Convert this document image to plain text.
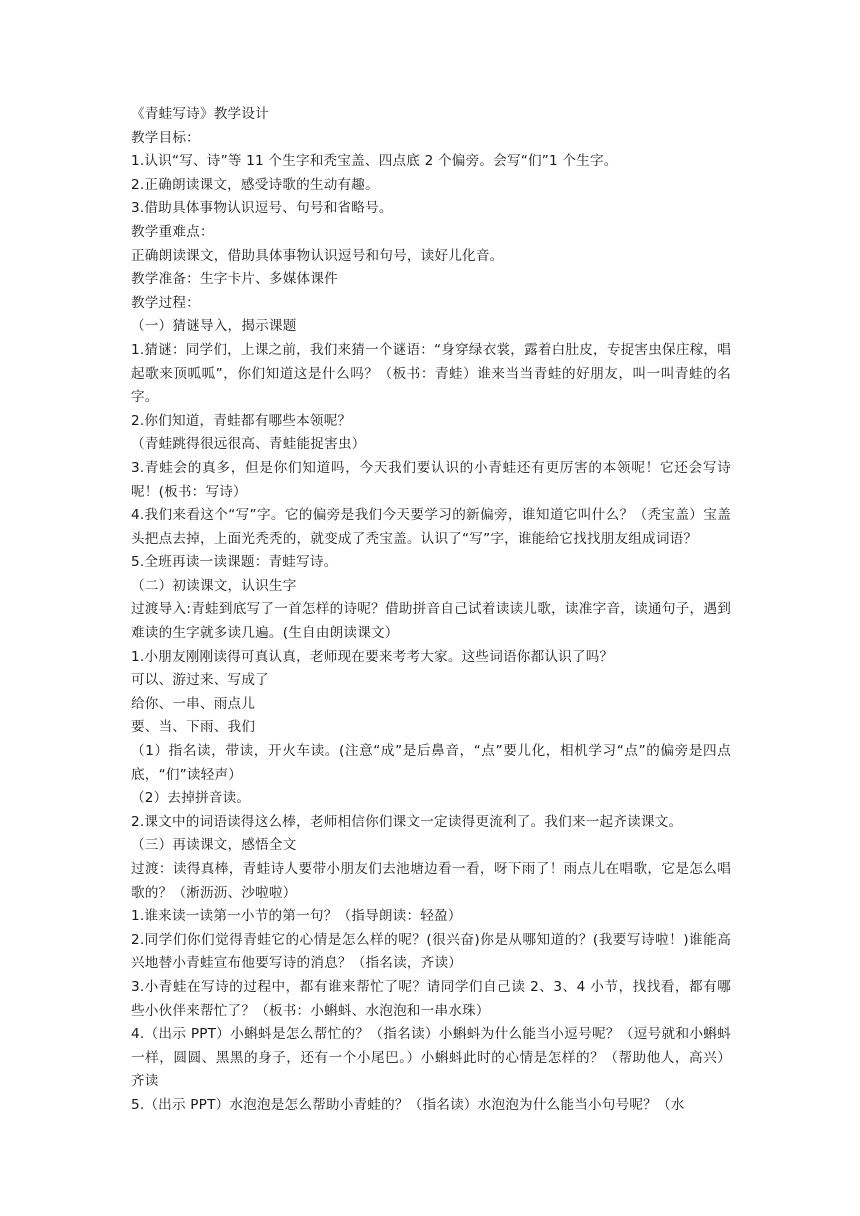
《青蛙写诗》教学设计

教学目标：

1.认识“写、诗”等 11 个生字和秃宝盖、四点底 2 个偏旁。会写“们”1 个生字。

2.正确朗读课文，感受诗歌的生动有趣。

3.借助具体事物认识逗号、句号和省略号。

教学重难点：

正确朗读课文，借助具体事物认识逗号和句号，读好儿化音。

教学准备：生字卡片、多媒体课件

教学过程：

（一）猜谜导入，揭示课题

1.猜谜：同学们，上课之前，我们来猜一个谜语：“身穿绿衣裳，露着白肚皮，专捉害虫保庄稼，唱起歌来顶呱呱”，你们知道这是什么吗？（板书：青蛙）谁来当当青蛙的好朋友，叫一叫青蛙的名字。

2.你们知道，青蛙都有哪些本领呢？

（青蛙跳得很远很高、青蛙能捉害虫）

3.青蛙会的真多，但是你们知道吗，今天我们要认识的小青蛙还有更厉害的本领呢！它还会写诗呢！(板书：写诗）

4.我们来看这个“写”字。它的偏旁是我们今天要学习的新偏旁，谁知道它叫什么？（秃宝盖）宝盖头把点去掉，上面光秃秃的，就变成了秃宝盖。认识了“写”字，谁能给它找找朋友组成词语？

5.全班再读一读课题：青蛙写诗。

（二）初读课文，认识生字

过渡导入:青蛙到底写了一首怎样的诗呢？借助拼音自己试着读读儿歌，读准字音，读通句子，遇到难读的生字就多读几遍。(生自由朗读课文）

1.小朋友刚刚读得可真认真，老师现在要来考考大家。这些词语你都认识了吗？

可以、游过来、写成了

给你、一串、雨点儿

要、当、下雨、我们

（1）指名读，带读，开火车读。(注意“成”是后鼻音，“点”要儿化，相机学习“点”的偏旁是四点底，“们”读轻声）

（2）去掉拼音读。

2.课文中的词语读得这么棒，老师相信你们课文一定读得更流利了。我们来一起齐读课文。

（三）再读课文，感悟全文

过渡：读得真棒，青蛙诗人要带小朋友们去池塘边看一看，呀下雨了！雨点儿在唱歌，它是怎么唱歌的？（淅沥沥、沙啦啦）

1.谁来读一读第一小节的第一句？（指导朗读：轻盈）

2.同学们你们觉得青蛙它的心情是怎么样的呢？(很兴奋)你是从哪知道的？(我要写诗啦！)谁能高兴地替小青蛙宣布他要写诗的消息？（指名读，齐读）

3.小青蛙在写诗的过程中，都有谁来帮忙了呢？请同学们自己读 2、3、4 小节，找找看，都有哪些小伙伴来帮忙了？（板书：小蝌蚪、水泡泡和一串水珠）

4.（出示 PPT）小蝌蚪是怎么帮忙的？（指名读）小蝌蚪为什么能当小逗号呢？（逗号就和小蝌蚪一样，圆圆、黑黑的身子，还有一个小尾巴。）小蝌蚪此时的心情是怎样的？（帮助他人，高兴）齐读

5.（出示 PPT）水泡泡是怎么帮助小青蛙的？（指名读）水泡泡为什么能当小句号呢？（水
